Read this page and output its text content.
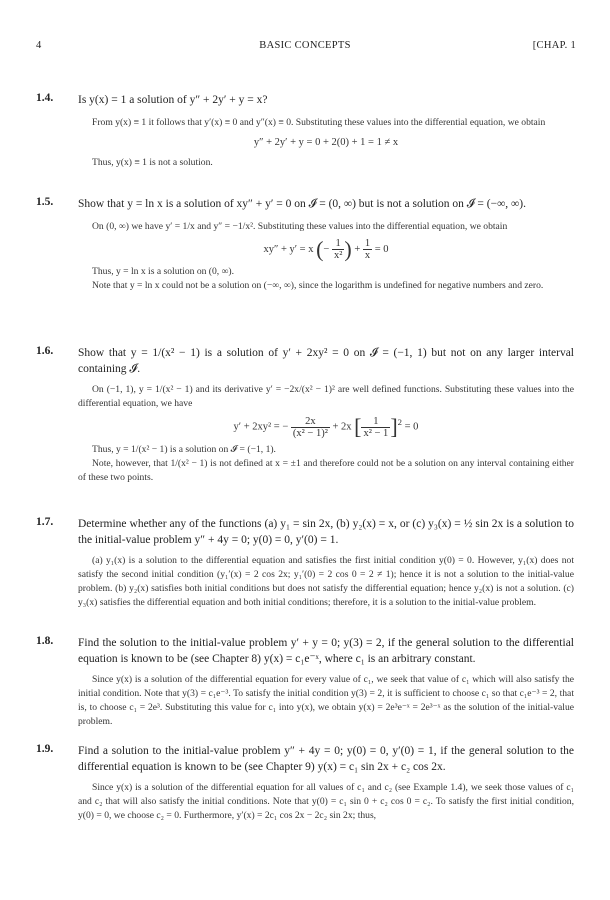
4	BASIC CONCEPTS	[CHAP. 1
1.4. Is y(x) = 1 a solution of y″ + 2y′ + y = x?

From y(x) ≡ 1 it follows that y′(x) ≡ 0 and y″(x) ≡ 0. Substituting these values into the differential equation, we obtain

y″ + 2y′ + y = 0 + 2(0) + 1 = 1 ≠ x

Thus, y(x) ≡ 1 is not a solution.

1.5. Show that y = ln x is a solution of xy″ + y′ = 0 on 𝓘 = (0, ∞) but is not a solution on 𝓘 = (−∞, ∞).

On (0, ∞) we have y′ = 1/x and y″ = −1/x². Substituting these values into the differential equation, we obtain

xy″ + y′ = x (− $\frac{1}{\text{x²}}$ ) + $\frac{1}{x} = 0$

Thus, y = ln x is a solution on (0, ∞).

Note that y = ln x could not be a solution on (−∞, ∞), since the logarithm is undefined for negative numbers and zero.

1.6. Show that y = 1/(x² − 1) is a solution of y′ + 2xy² = 0 on 𝓘 = (−1, 1) but not on any larger interval containing 𝓘.

On (−1, 1), y = 1/(x² − 1) and its derivative y′ = −2x/(x² − 1)² are well defined functions. Substituting these values into the differential equation, we have

y′ + 2xy² = − $\frac{2x}{\text{(x² − 1)²}} + 2x$ [ $\frac{1}{\text{x² − 1}} ]^2 = 0$

Thus, y = 1/(x² − 1) is a solution on 𝓘 = (−1, 1).

Note, however, that 1/(x² − 1) is not defined at x = ±1 and therefore could not be a solution on any interval containing either of these two points.

1.7. Determine whether any of the functions (a) y₁ = sin 2x, (b) y₂(x) = x, or (c) y₃(x) = ½ sin 2x is a solution to the initial-value problem y″ + 4y = 0; y(0) = 0, y′(0) = 1.

(a) y₁(x) is a solution to the differential equation and satisfies the first initial condition y(0) = 0. However, y₁(x) does not satisfy the second initial condition (y₁′(x) = 2 cos 2x; y₁′(0) = 2 cos 0 = 2 ≠ 1); hence it is not a solution to the initial-value problem. (b) y₂(x) satisfies both initial conditions but does not satisfy the differential equation; hence y₂(x) is not a solution. (c) y₃(x) satisfies the differential equation and both initial conditions; therefore, it is a solution to the initial-value problem.

1.8. Find the solution to the initial-value problem y′ + y = 0; y(3) = 2, if the general solution to the differential equation is known to be (see Chapter 8) y(x) = c₁e⁻ˣ, where c₁ is an arbitrary constant.

Since y(x) is a solution of the differential equation for every value of c₁, we seek that value of c₁ which will also satisfy the initial condition. Note that y(3) = c₁e⁻³. To satisfy the initial condition y(3) = 2, it is sufficient to choose c₁ so that c₁e⁻³ = 2, that is, to choose c₁ = 2e³. Substituting this value for c₁ into y(x), we obtain y(x) = 2e³e⁻ˣ = 2e³⁻ˣ as the solution of the initial-value problem.

1.9. Find a solution to the initial-value problem y″ + 4y = 0; y(0) = 0, y′(0) = 1, if the general solution to the differential equation is known to be (see Chapter 9) y(x) = c₁ sin 2x + c₂ cos 2x.

Since y(x) is a solution of the differential equation for all values of c₁ and c₂ (see Example 1.4), we seek those values of c₁ and c₂ that will also satisfy the initial conditions. Note that y(0) = c₁ sin 0 + c₂ cos 0 = c₂. To satisfy the first initial condition, y(0) = 0, we choose c₂ = 0. Furthermore, y′(x) = 2c₁ cos 2x − 2c₂ sin 2x; thus,
